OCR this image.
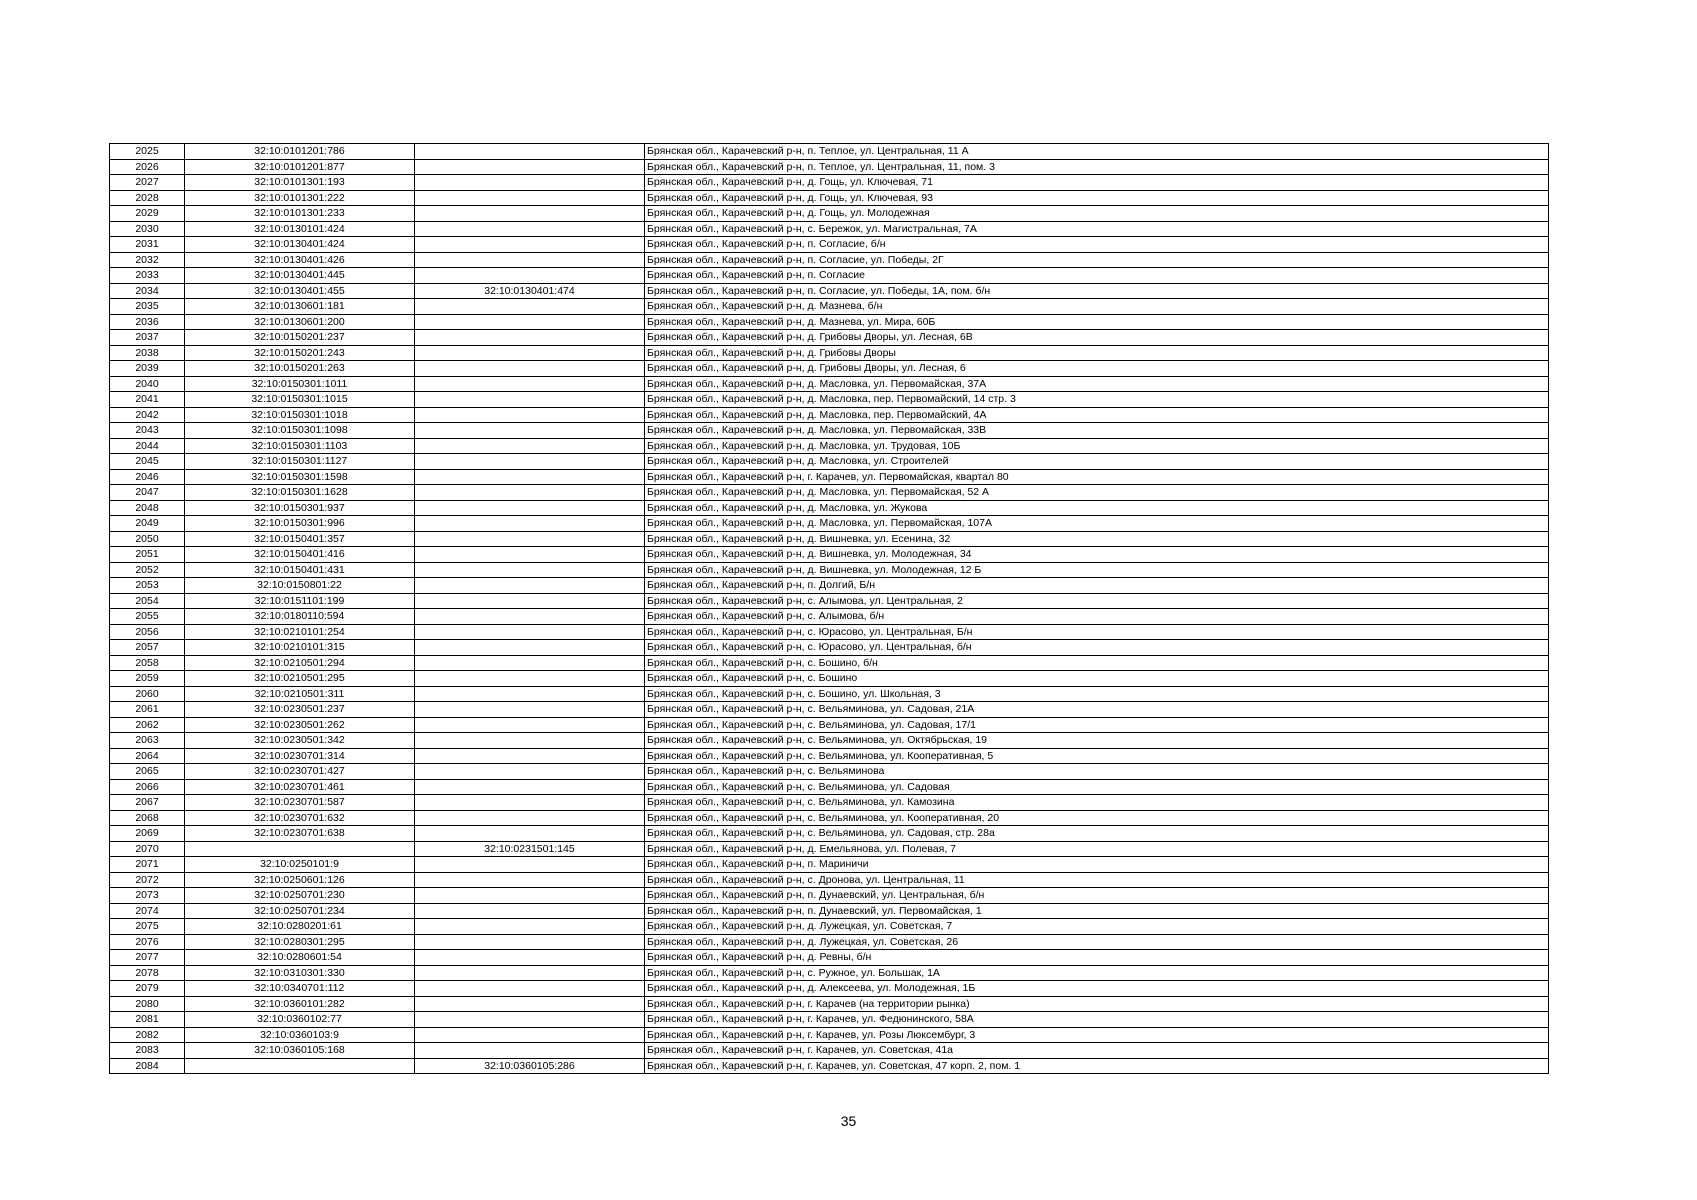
2025	32:10:0101201:786		Брянская обл., Карачевский р-н, п. Теплое, ул. Центральная, 11 А
2026	32:10:0101201:877		Брянская обл., Карачевский р-н, п. Теплое, ул. Центральная, 11, пом. 3
2027	32:10:0101301:193		Брянская обл., Карачевский р-н, д. Гощь, ул. Ключевая, 71
2028	32:10:0101301:222		Брянская обл., Карачевский р-н, д. Гощь, ул. Ключевая, 93
2029	32:10:0101301:233		Брянская обл., Карачевский р-н, д. Гощь, ул. Молодежная
2030	32:10:0130101:424		Брянская обл., Карачевский р-н, с. Бережок, ул. Магистральная, 7А
2031	32:10:0130401:424		Брянская обл., Карачевский р-н, п. Согласие, б/н
2032	32:10:0130401:426		Брянская обл., Карачевский р-н, п. Согласие, ул. Победы, 2Г
2033	32:10:0130401:445		Брянская обл., Карачевский р-н, п. Согласие
2034	32:10:0130401:455	32:10:0130401:474	Брянская обл., Карачевский р-н, п. Согласие, ул. Победы, 1А, пом. б/н
2035	32:10:0130601:181		Брянская обл., Карачевский р-н, д. Мазнева, б/н
2036	32:10:0130601:200		Брянская обл., Карачевский р-н, д. Мазнева, ул. Мира, 60Б
2037	32:10:0150201:237		Брянская обл., Карачевский р-н, д. Грибовы Дворы, ул. Лесная, 6В
2038	32:10:0150201:243		Брянская обл., Карачевский р-н, д. Грибовы Дворы
2039	32:10:0150201:263		Брянская обл., Карачевский р-н, д. Грибовы Дворы, ул. Лесная, 6
2040	32:10:0150301:1011		Брянская обл., Карачевский р-н, д. Масловка, ул. Первомайская, 37А
2041	32:10:0150301:1015		Брянская обл., Карачевский р-н, д. Масловка, пер. Первомайский, 14 стр. 3
2042	32:10:0150301:1018		Брянская обл., Карачевский р-н, д. Масловка, пер. Первомайский, 4А
2043	32:10:0150301:1098		Брянская обл., Карачевский р-н, д. Масловка, ул. Первомайская, 33В
2044	32:10:0150301:1103		Брянская обл., Карачевский р-н, д. Масловка, ул. Трудовая, 10Б
2045	32:10:0150301:1127		Брянская обл., Карачевский р-н, д. Масловка, ул. Строителей
2046	32:10:0150301:1598		Брянская обл., Карачевский р-н, г. Карачев, ул. Первомайская, квартал 80
2047	32:10:0150301:1628		Брянская обл., Карачевский р-н, д. Масловка, ул. Первомайская, 52 А
2048	32:10:0150301:937		Брянская обл., Карачевский р-н, д. Масловка, ул. Жукова
2049	32:10:0150301:996		Брянская обл., Карачевский р-н, д. Масловка, ул. Первомайская, 107А
2050	32:10:0150401:357		Брянская обл., Карачевский р-н, д. Вишневка, ул. Есенина, 32
2051	32:10:0150401:416		Брянская обл., Карачевский р-н, д. Вишневка, ул. Молодежная, 34
2052	32:10:0150401:431		Брянская обл., Карачевский р-н, д. Вишневка, ул. Молодежная, 12 Б
2053	32:10:0150801:22		Брянская обл., Карачевский р-н, п. Долгий, Б/н
2054	32:10:0151101:199		Брянская обл., Карачевский р-н, с. Алымова, ул. Центральная, 2
2055	32:10:0180110:594		Брянская обл., Карачевский р-н, с. Алымова, б/н
2056	32:10:0210101:254		Брянская обл., Карачевский р-н, с. Юрасово, ул. Центральная, Б/н
2057	32:10:0210101:315		Брянская обл., Карачевский р-н, с. Юрасово, ул. Центральная, б/н
2058	32:10:0210501:294		Брянская обл., Карачевский р-н, с. Бошино, б/н
2059	32:10:0210501:295		Брянская обл., Карачевский р-н, с. Бошино
2060	32:10:0210501:311		Брянская обл., Карачевский р-н, с. Бошино, ул. Школьная, 3
2061	32:10:0230501:237		Брянская обл., Карачевский р-н, с. Вельяминова, ул. Садовая, 21А
2062	32:10:0230501:262		Брянская обл., Карачевский р-н, с. Вельяминова, ул. Садовая, 17/1
2063	32:10:0230501:342		Брянская обл., Карачевский р-н, с. Вельяминова, ул. Октябрьская, 19
2064	32:10:0230701:314		Брянская обл., Карачевский р-н, с. Вельяминова, ул. Кооперативная, 5
2065	32:10:0230701:427		Брянская обл., Карачевский р-н, с. Вельяминова
2066	32:10:0230701:461		Брянская обл., Карачевский р-н, с. Вельяминова, ул. Садовая
2067	32:10:0230701:587		Брянская обл., Карачевский р-н, с. Вельяминова, ул. Камозина
2068	32:10:0230701:632		Брянская обл., Карачевский р-н, с. Вельяминова, ул. Кооперативная, 20
2069	32:10:0230701:638		Брянская обл., Карачевский р-н, с. Вельяминова, ул. Садовая, стр. 28а
2070		32:10:0231501:145	Брянская обл., Карачевский р-н, д. Емельянова, ул. Полевая, 7
2071	32:10:0250101:9		Брянская обл., Карачевский р-н, п. Мариничи
2072	32:10:0250601:126		Брянская обл., Карачевский р-н, с. Дронова, ул. Центральная, 11
2073	32:10:0250701:230		Брянская обл., Карачевский р-н, п. Дунаевский, ул. Центральная, б/н
2074	32:10:0250701:234		Брянская обл., Карачевский р-н, п. Дунаевский, ул. Первомайская, 1
2075	32:10:0280201:61		Брянская обл., Карачевский р-н, д. Лужецкая, ул. Советская, 7
2076	32:10:0280301:295		Брянская обл., Карачевский р-н, д. Лужецкая, ул. Советская, 26
2077	32:10:0280601:54		Брянская обл., Карачевский р-н, д. Ревны, б/н
2078	32:10:0310301:330		Брянская обл., Карачевский р-н, с. Ружное, ул. Большак, 1А
2079	32:10:0340701:112		Брянская обл., Карачевский р-н, д. Алексеева, ул. Молодежная, 1Б
2080	32:10:0360101:282		Брянская обл., Карачевский р-н, г. Карачев (на территории рынка)
2081	32:10:0360102:77		Брянская обл., Карачевский р-н, г. Карачев, ул. Федюнинского, 58А
2082	32:10:0360103:9		Брянская обл., Карачевский р-н, г. Карачев, ул. Розы Люксембург, 3
2083	32:10:0360105:168		Брянская обл., Карачевский р-н, г. Карачев, ул. Советская, 41а
2084		32:10:0360105:286	Брянская обл., Карачевский р-н, г. Карачев, ул. Советская, 47 корп. 2, пом. 1
35
